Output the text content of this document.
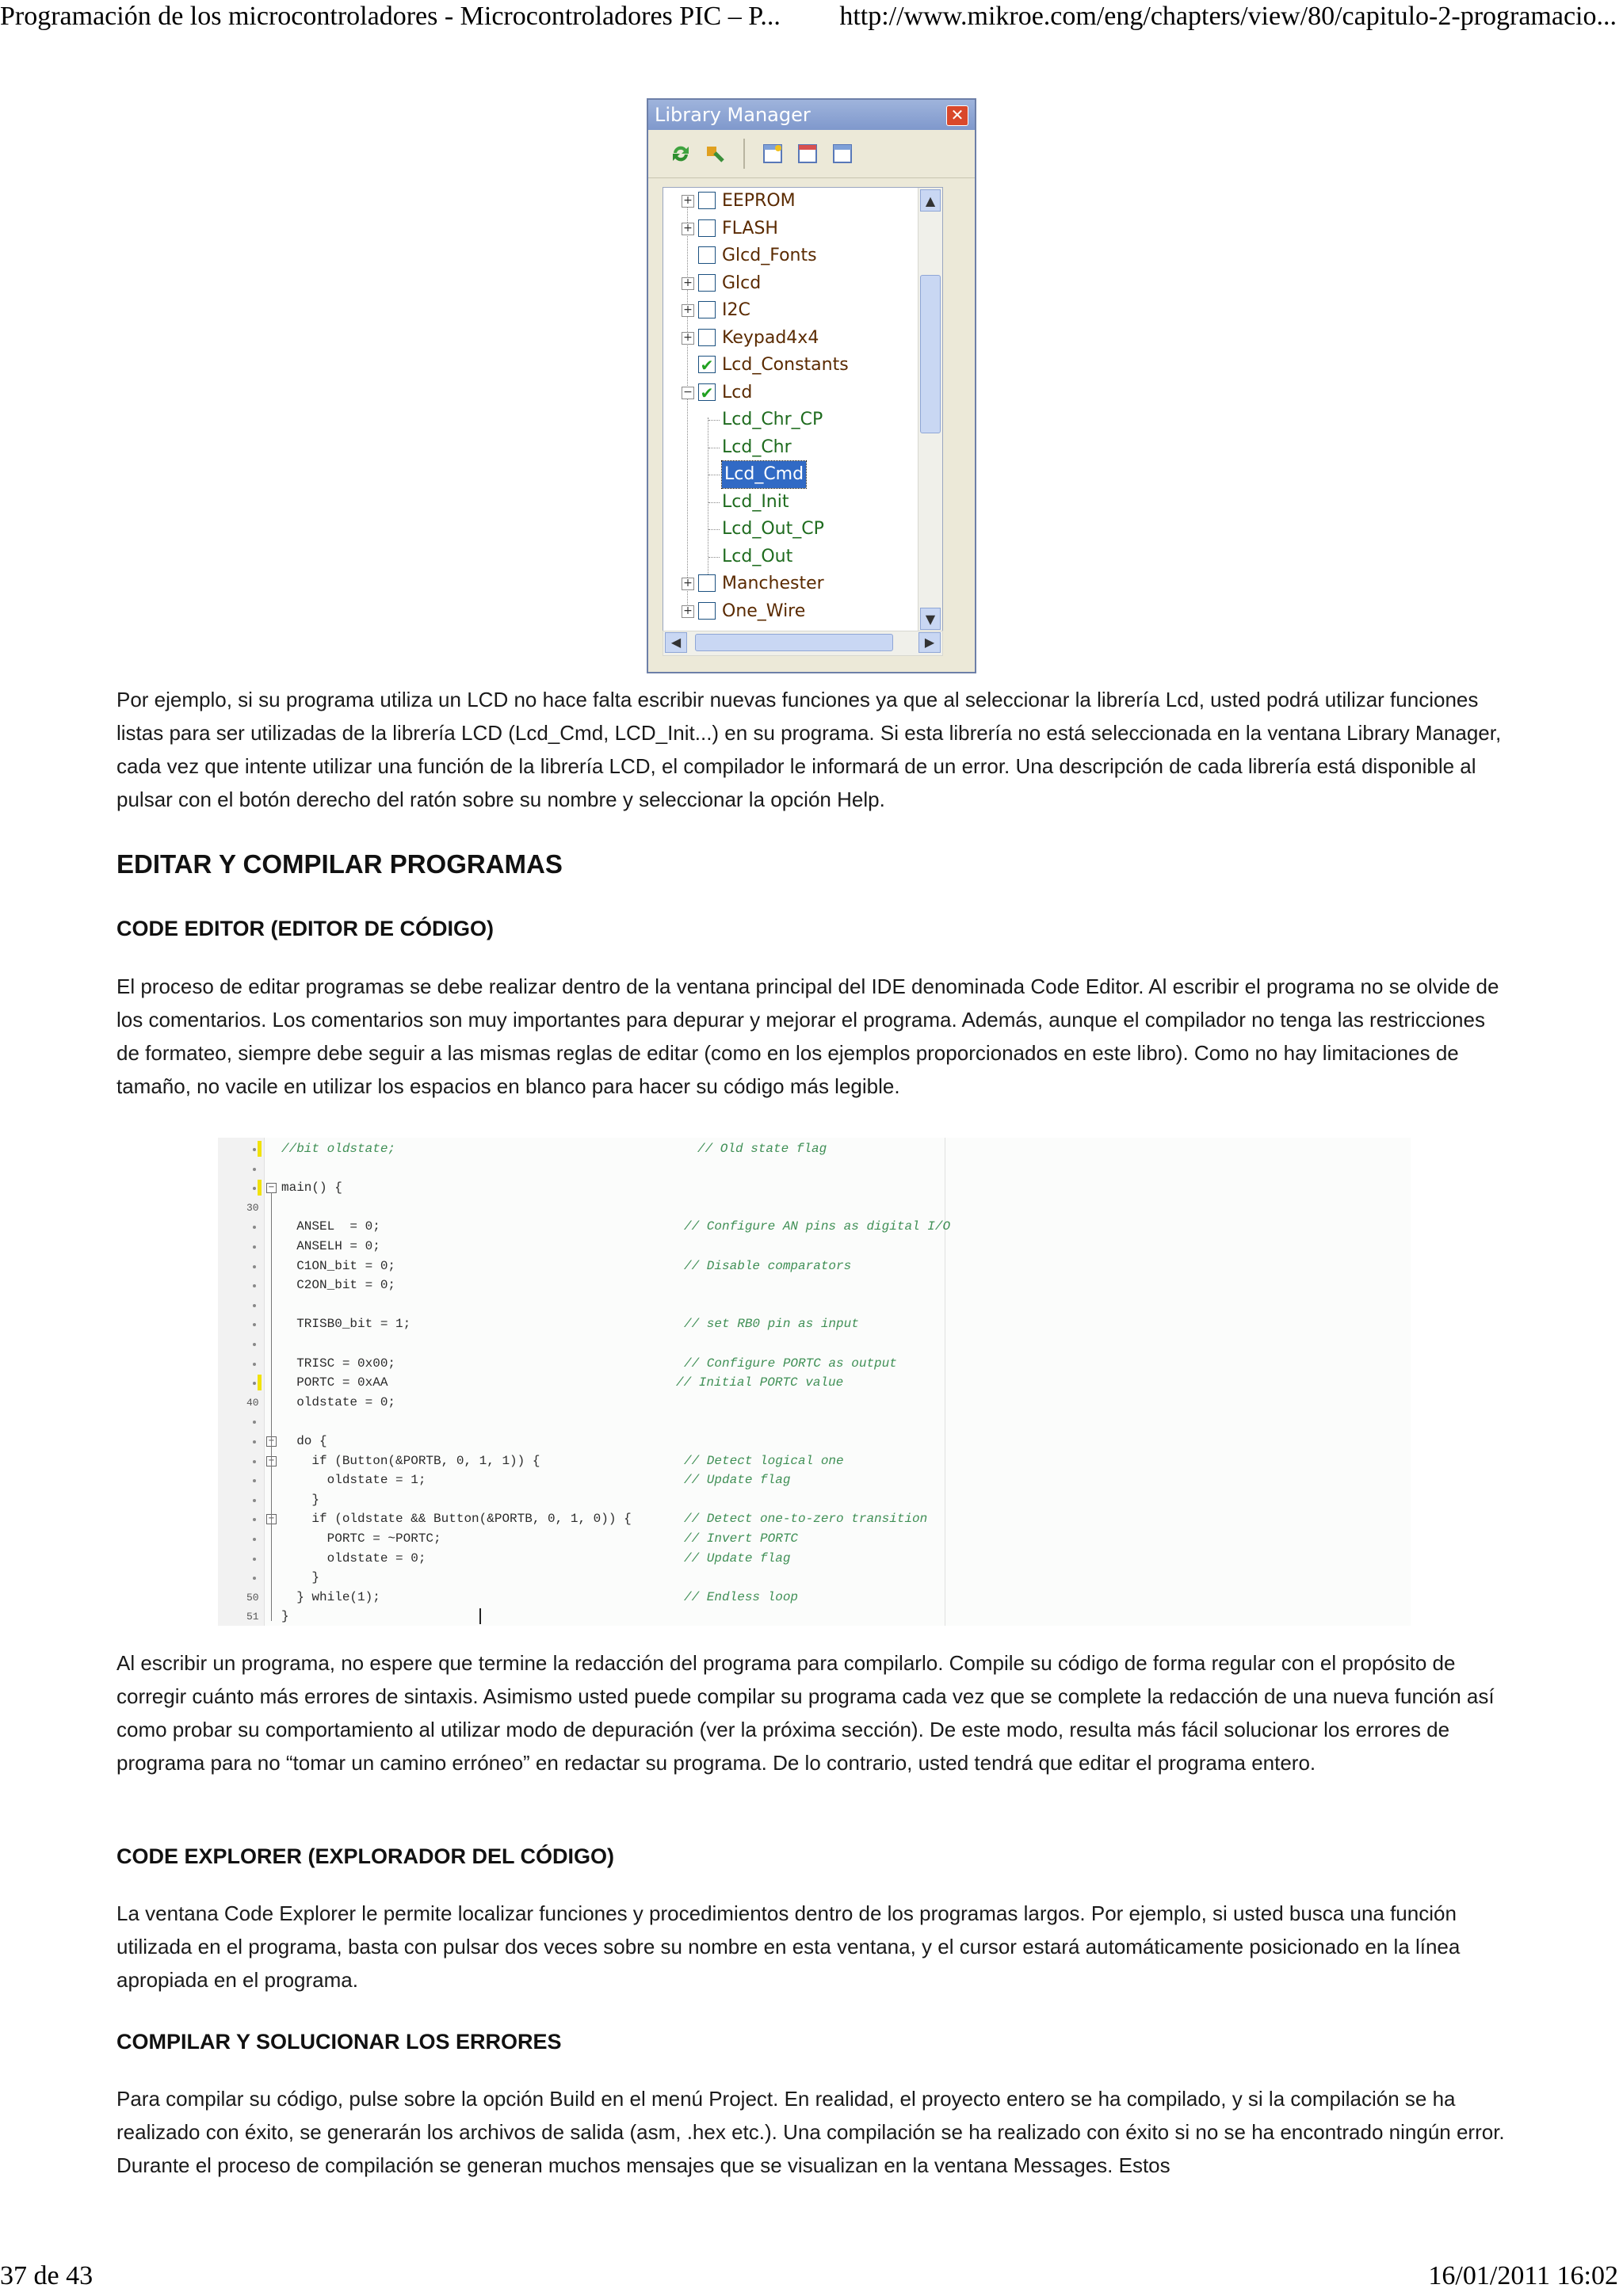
Programación de los microcontroladores - Microcontroladores PIC – P... http://www.mikroe.com/eng/chapters/view/80/capitulo-2-programacio...
37 de 43	16/01/2011 16:02
Library Manager	✕
▲
▼
+ EEPROM
+ FLASH
Glcd_Fonts
+ Glcd
+ I2C
+ Keypad4x4
✔ Lcd_Constants
− ✔ Lcd
Lcd_Chr_CP
Lcd_Chr
Lcd_Cmd
Lcd_Init
Lcd_Out_CP
Lcd_Out
+ Manchester
+ One_Wire
◀	▶
Por ejemplo, si su programa utiliza un LCD no hace falta escribir nuevas funciones ya que al seleccionar la librería Lcd, usted podrá utilizar funciones listas para ser utilizadas de la librería LCD (Lcd_Cmd, LCD_Init...) en su programa. Si esta librería no está seleccionada en la ventana Library Manager, cada vez que intente utilizar una función de la librería LCD, el compilador le informará de un error. Una descripción de cada librería está disponible al pulsar con el botón derecho del ratón sobre su nombre y seleccionar la opción Help.
EDITAR Y COMPILAR PROGRAMAS
CODE EDITOR (EDITOR DE CÓDIGO)
El proceso de editar programas se debe realizar dentro de la ventana principal del IDE denominada Code Editor. Al escribir el programa no se olvide de los comentarios. Los comentarios son muy importantes para depurar y mejorar el programa. Además, aunque el compilador no tenga las restricciones de formateo, siempre debe seguir a las mismas reglas de editar (como en los ejemplos proporcionados en este libro). Como no hay limitaciones de tamaño, no vacile en utilizar los espacios en blanco para hacer su código más legible.
//bit oldstate;	// Old state flag
− main() {
30
ANSEL  = 0;	// Configure AN pins as digital I/O
ANSELH = 0;
C1ON_bit = 0;	// Disable comparators
C2ON_bit = 0;
TRISB0_bit = 1;	// set RB0 pin as input
TRISC = 0x00;	// Configure PORTC as output
PORTC = 0xAA	// Initial PORTC value
40	oldstate = 0;
− do {
− if (Button(&PORTB, 0, 1, 1)) {	// Detect logical one
oldstate = 1;	// Update flag
}
− if (oldstate && Button(&PORTB, 0, 1, 0)) {	// Detect one-to-zero transition
PORTC = ~PORTC;	// Invert PORTC
oldstate = 0;	// Update flag
}
50	} while(1);	// Endless loop
51	}
Al escribir un programa, no espere que termine la redacción del programa para compilarlo. Compile su código de forma regular con el propósito de corregir cuánto más errores de sintaxis. Asimismo usted puede compilar su programa cada vez que se complete la redacción de una nueva función así como probar su comportamiento al utilizar modo de depuración (ver la próxima sección). De este modo, resulta más fácil solucionar los errores de programa para no “tomar un camino erróneo” en redactar su programa. De lo contrario, usted tendrá que editar el programa entero.
CODE EXPLORER (EXPLORADOR DEL CÓDIGO)
La ventana Code Explorer le permite localizar funciones y procedimientos dentro de los programas largos. Por ejemplo, si usted busca una función utilizada en el programa, basta con pulsar dos veces sobre su nombre en esta ventana, y el cursor estará automáticamente posicionado en la línea apropiada en el programa.
COMPILAR Y SOLUCIONAR LOS ERRORES
Para compilar su código, pulse sobre la opción Build en el menú Project. En realidad, el proyecto entero se ha compilado, y si la compilación se ha realizado con éxito, se generarán los archivos de salida (asm, .hex etc.). Una compilación se ha realizado con éxito si no se ha encontrado ningún error. Durante el proceso de compilación se generan muchos mensajes que se visualizan en la ventana Messages. Estos
